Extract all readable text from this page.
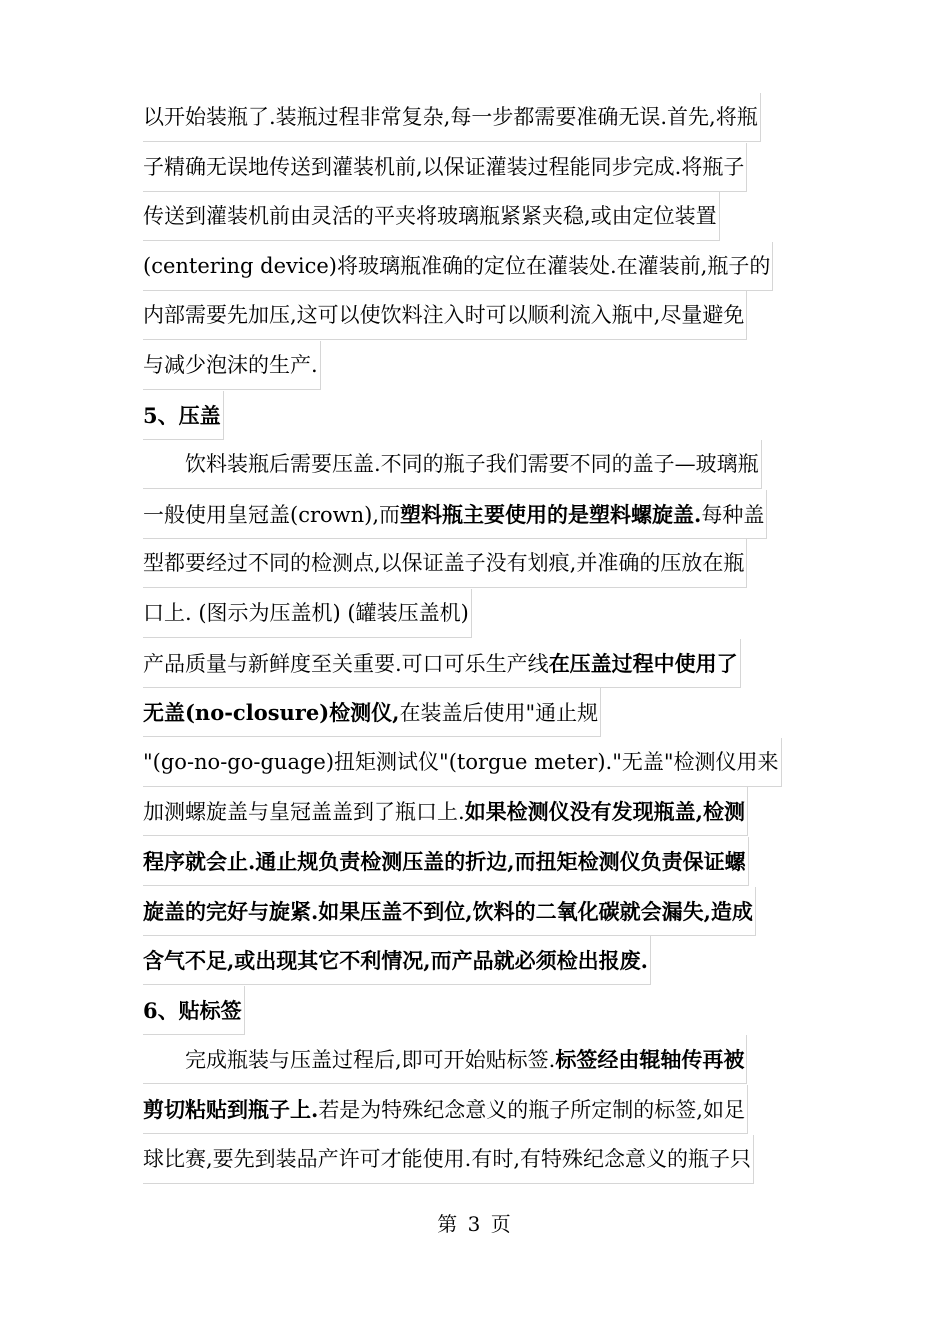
以开始装瓶了.装瓶过程非常复杂,每一步都需要准确无误.首先,将瓶
子精确无误地传送到灌装机前,以保证灌装过程能同步完成.将瓶子
传送到灌装机前由灵活的平夹将玻璃瓶紧紧夹稳,或由定位装置
(centering device)将玻璃瓶准确的定位在灌装处.在灌装前,瓶子的
内部需要先加压,这可以使饮料注入时可以顺利流入瓶中,尽量避免
与减少泡沫的生产.
5、压盖
　　饮料装瓶后需要压盖.不同的瓶子我们需要不同的盖子—玻璃瓶
一般使用皇冠盖(crown),而塑料瓶主要使用的是塑料螺旋盖.每种盖
型都要经过不同的检测点,以保证盖子没有划痕,并准确的压放在瓶
口上. (图示为压盖机) (罐装压盖机)
产品质量与新鲜度至关重要.可口可乐生产线在压盖过程中使用了
无盖(no-closure)检测仪,在装盖后使用"通止规
"(go-no-go-guage)扭矩测试仪"(torgue meter)."无盖"检测仪用来
加测螺旋盖与皇冠盖盖到了瓶口上.如果检测仪没有发现瓶盖,检测
程序就会止.通止规负责检测压盖的折边,而扭矩检测仪负责保证螺
旋盖的完好与旋紧.如果压盖不到位,饮料的二氧化碳就会漏失,造成
含气不足,或出现其它不利情况,而产品就必须检出报废.
6、贴标签
　　完成瓶装与压盖过程后,即可开始贴标签.标签经由辊轴传再被
剪切粘贴到瓶子上.若是为特殊纪念意义的瓶子所定制的标签,如足
球比赛,要先到装品产许可才能使用.有时,有特殊纪念意义的瓶子只
第 3 页
